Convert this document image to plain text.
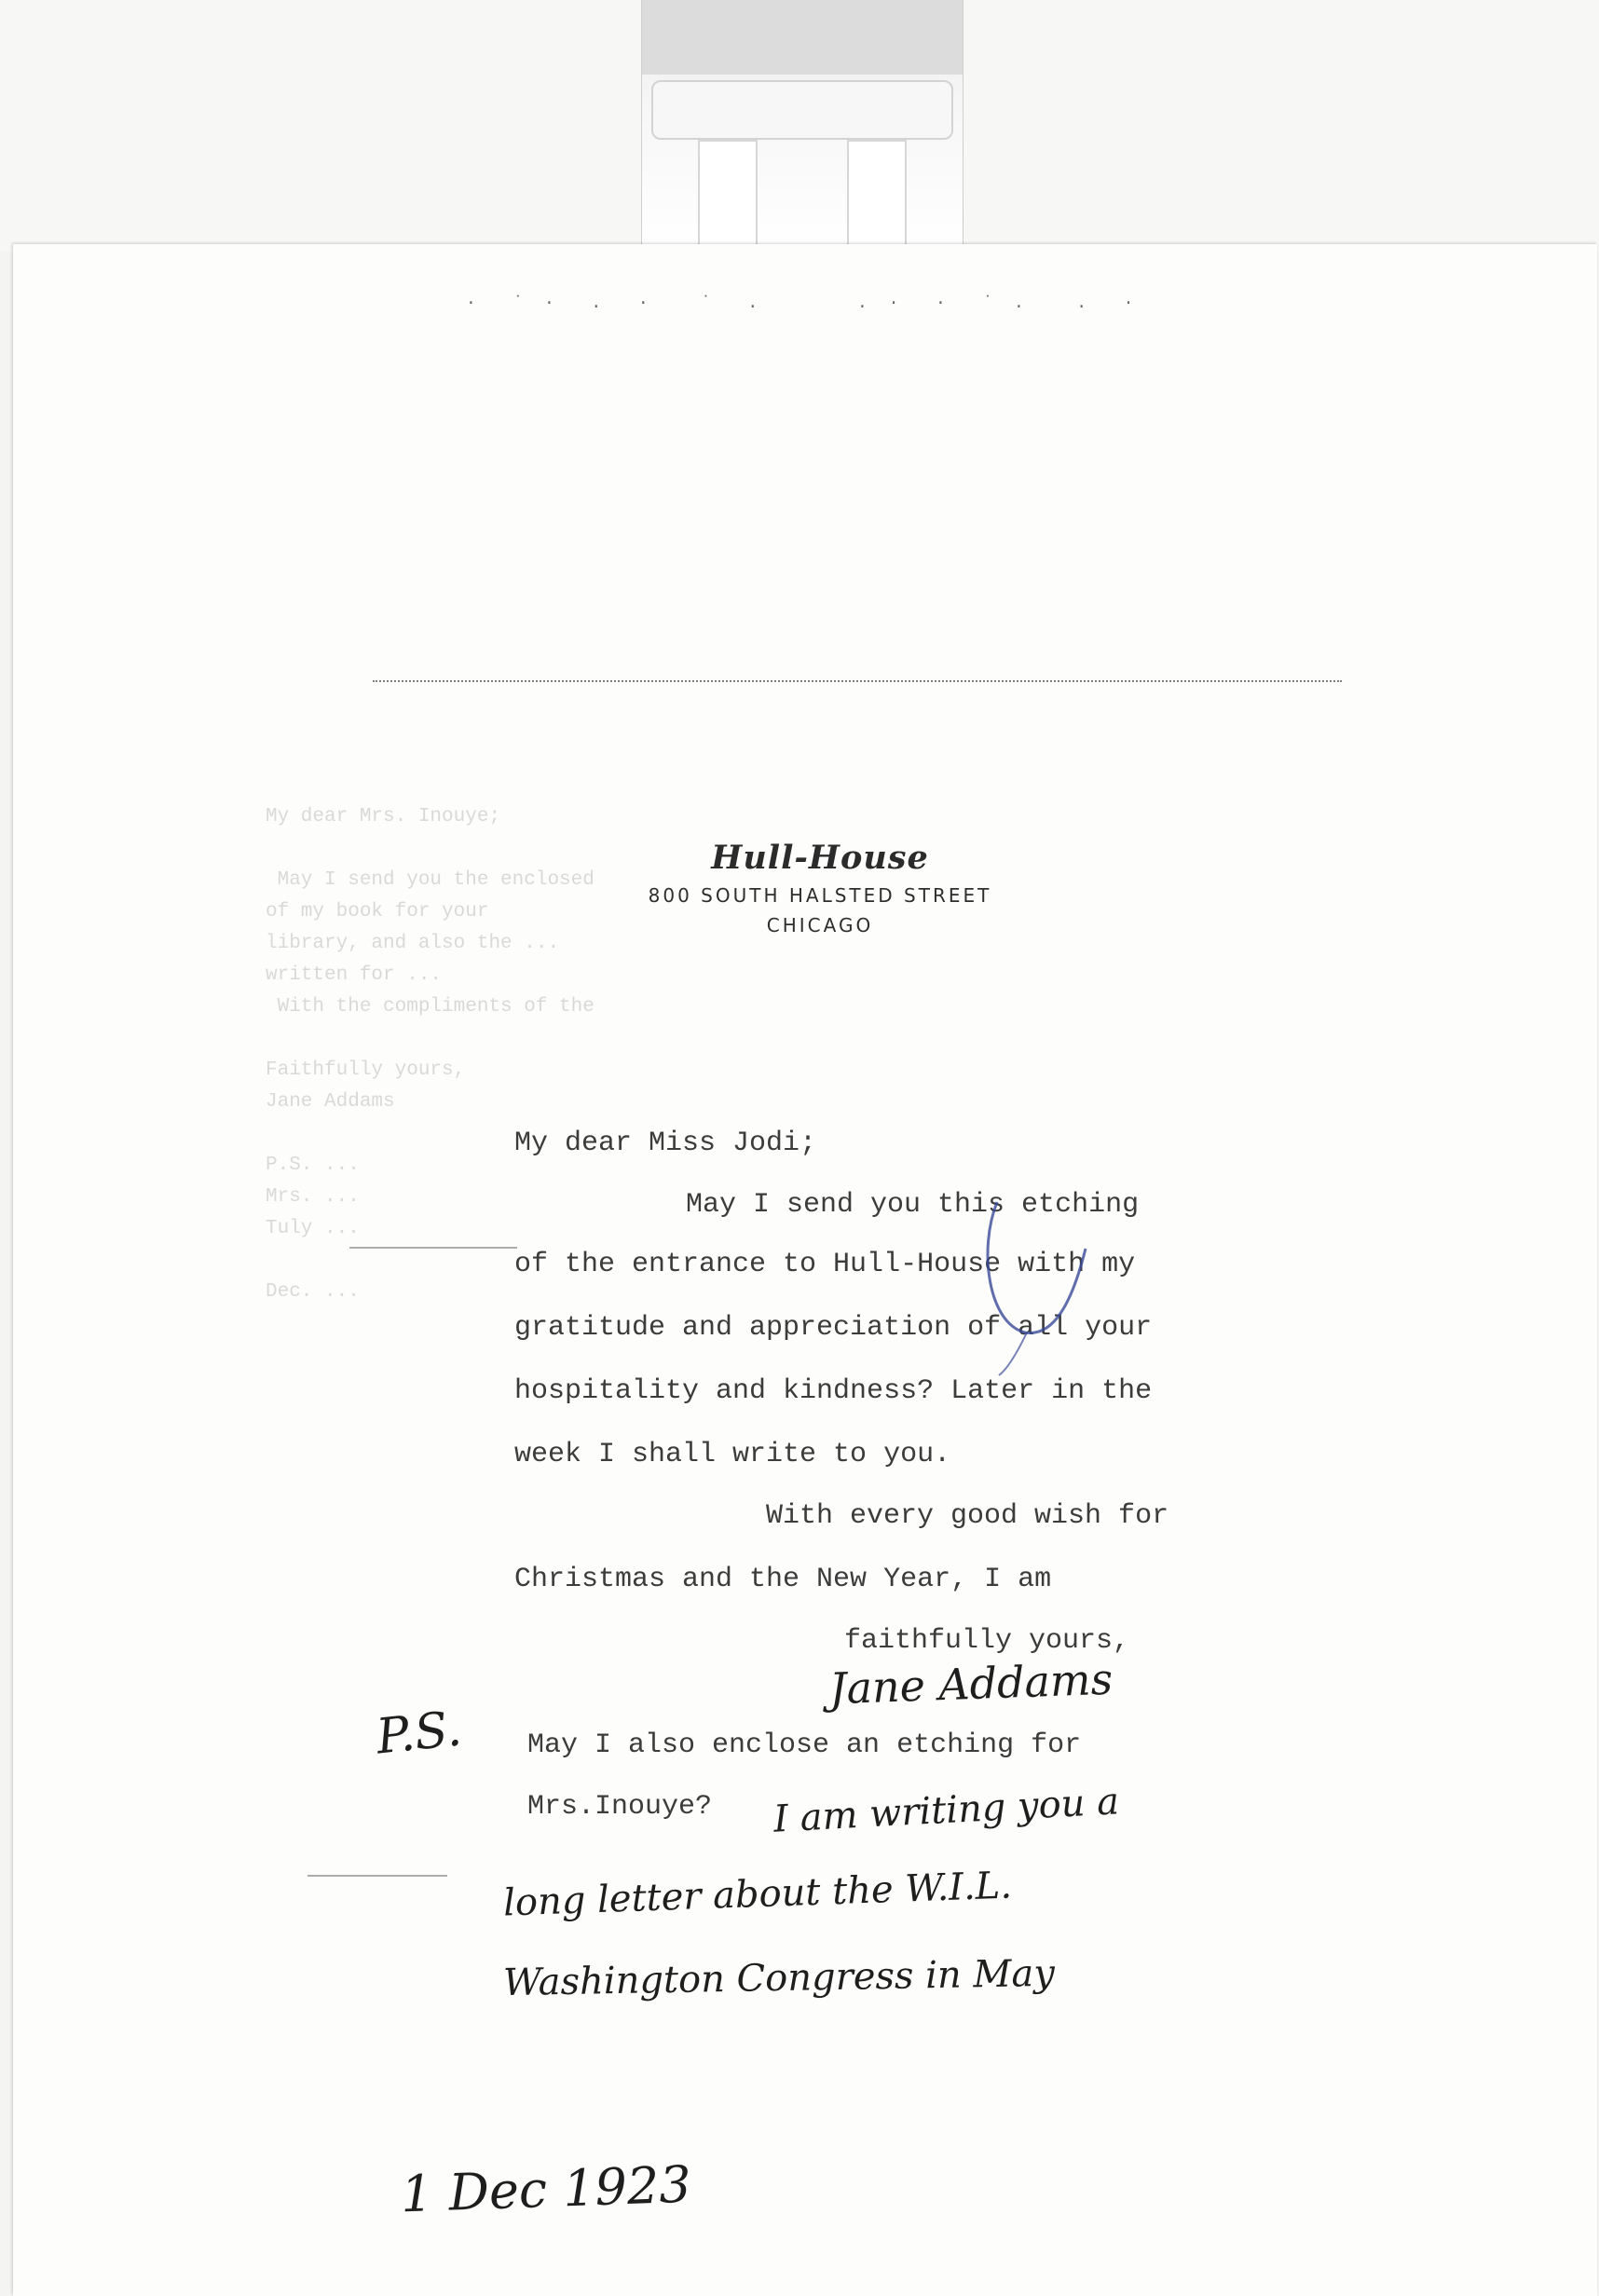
·  ˙ ·  .  ·   ˙  .      . ·  ·  ˙ .   .  ·
My dear Mrs. Inouye;

May I send you the enclosed
of my book for your
library, and also the ...
written for ...
With the compliments of the

Faithfully yours,
Jane Addams

P.S. ...
Mrs. ...
Tuly ...

Dec. ...
Hull-House
800 SOUTH HALSTED STREET
CHICAGO
My dear Miss Jodi;
May I send you this etching
of the entrance to Hull-House with my
gratitude and appreciation of all your
hospitality and kindness? Later in the
week I shall write to you.
With every good wish for
Christmas and the New Year, I am
faithfully yours,
Jane Addams
P.S. May I also enclose an etching for
Mrs.Inouye? I am writing you a
long letter about the W.I.L.
Washington Congress in May
1 Dec 1923
